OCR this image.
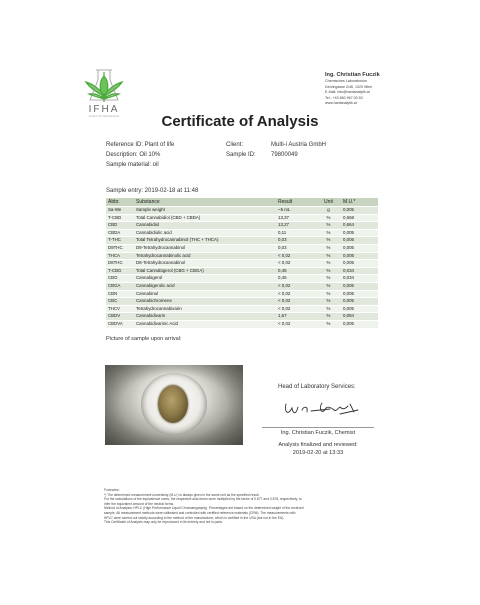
IFHA
Institut für Hanfanalytik
Ing. Christian Fuczik
Chemisches Laboratorium
Dervingasse 2/46, 1020 Wien
E-Mail: info@hanfanalytik.at
Tel.: +43 660 967 00 53
www.hanfanalytik.at
Certificate of Analysis
Reference ID: Plant of life
Description: Oil 10%
Sample material: oil
Client:	Multi-i Austria GmbH
Sample ID:	79800049
Sample entry: 2019-02-18 at 11:48
Abbr.	Substance	Result	Unit	M.U.*
Sa-We	Sample weight	~5 mL	g	0,005
T-CBD	Total Cannabidiol (CBD + CBDA)	13,37	%	0,668
CBD	Cannabidiol	13,27	%	0,664
CBDA	Cannabidiolic acid	0,11	%	0,005
T-THC	Total Tetrahydrocannabinol (THC + THCA)	0,03	%	0,005
D9THC	D9-Tetrahydrocannabinol	0,03	%	0,005
THCA	Tetrahydrocannabinolic acid	< 0,02	%	0,005
D8THC	D8-Tetrahydrocannabinol	< 0,02	%	0,005
T-CBG	Total Cannabigerol (CBG + CBGA)	0,45	%	0,034
CBG	Cannabigerol	0,45	%	0,034
CBGA	Cannabigerolic acid	< 0,02	%	0,005
CBN	Cannabinol	< 0,02	%	0,005
CBC	Cannabichromene	< 0,02	%	0,005
THCV	Tetrahydrocannabivarin	< 0,02	%	0,005
CBDV	Cannabidivarin	1,67	%	0,084
CBDVA	Cannabidivarinic Acid	< 0,02	%	0,005
Picture of sample upon arrival:
Head of Laboratory Services:
Ing. Christian Fuczik, Chemist
Analysis finalized and reviewed:
2019-02-20 at 13:33
Footnotes:
*) The determined measurement uncertainty (M.U.) is always given in the same unit as the specified result.
For the calculations of the equivalence sums, the respective acid-forms were multiplied by the factor of 0.877 and 0.878, respectively, to
infer the equivalent amount of the neutral forms.
Method of Analysis: HPLC (High Performance Liquid Chromatography). Percentages are based on the determined weight of the received
sample. All measurement methods were calibrated and controlled with certified reference materials (CRM). The measurements with
HPLC were carried out strictly according to the method of the manufacturer, which is certified in the USA (but not in the EU).
This Certificate of Analysis may only be reproduced in its entirety and not in parts.
